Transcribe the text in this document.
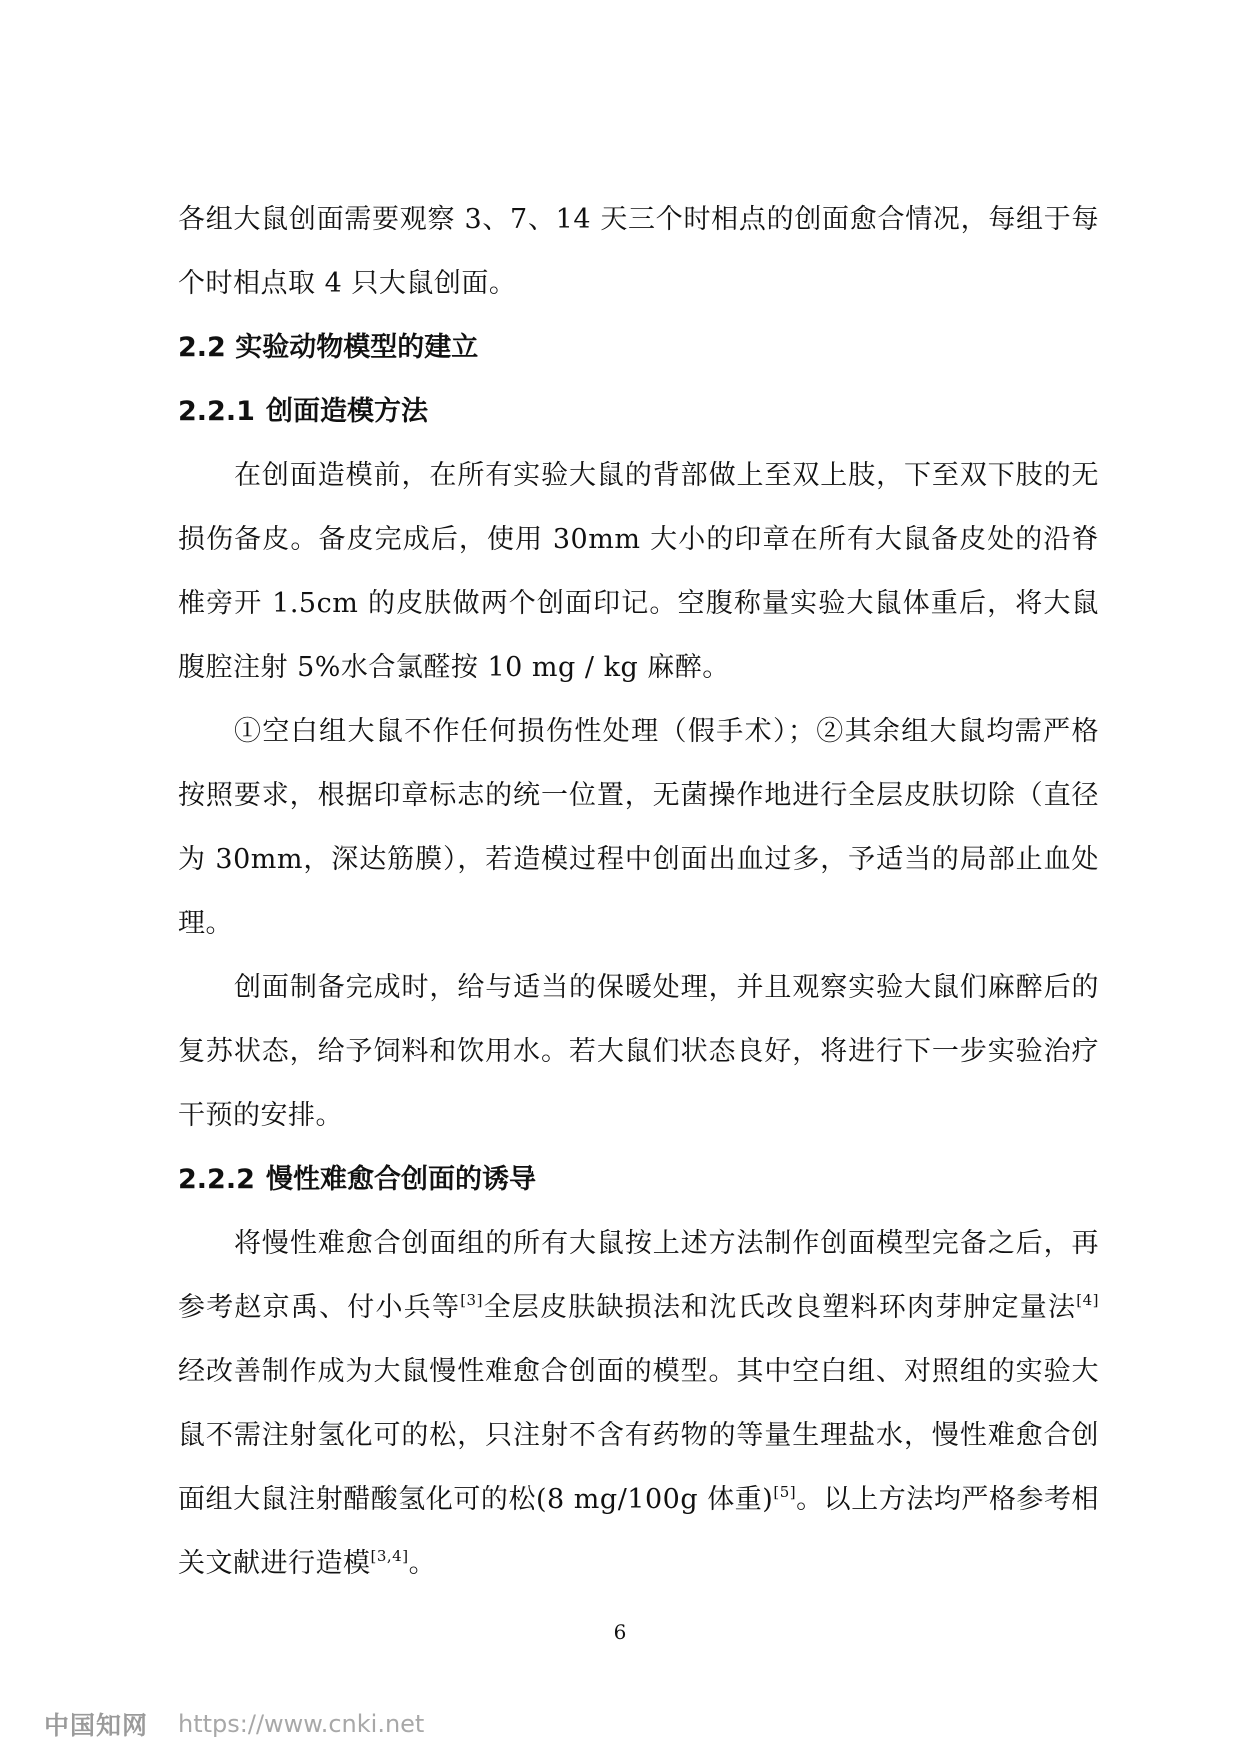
各组大鼠创面需要观察 3、7、14 天三个时相点的创面愈合情况，每组于每个时相点取 4 只大鼠创面。

2.2 实验动物模型的建立

2.2.1 创面造模方法

在创面造模前，在所有实验大鼠的背部做上至双上肢，下至双下肢的无损伤备皮。备皮完成后，使用 30mm 大小的印章在所有大鼠备皮处的沿脊椎旁开 1.5cm 的皮肤做两个创面印记。空腹称量实验大鼠体重后，将大鼠腹腔注射 5%水合氯醛按 10 mg / kg 麻醉。

①空白组大鼠不作任何损伤性处理（假手术）；②其余组大鼠均需严格按照要求，根据印章标志的统一位置，无菌操作地进行全层皮肤切除（直径为 30mm，深达筋膜），若造模过程中创面出血过多，予适当的局部止血处理。

创面制备完成时，给与适当的保暖处理，并且观察实验大鼠们麻醉后的复苏状态，给予饲料和饮用水。若大鼠们状态良好，将进行下一步实验治疗干预的安排。

2.2.2 慢性难愈合创面的诱导

将慢性难愈合创面组的所有大鼠按上述方法制作创面模型完备之后，再参考赵京禹、付小兵等[3]全层皮肤缺损法和沈氏改良塑料环肉芽肿定量法[4]经改善制作成为大鼠慢性难愈合创面的模型。其中空白组、对照组的实验大鼠不需注射氢化可的松，只注射不含有药物的等量生理盐水，慢性难愈合创面组大鼠注射醋酸氢化可的松(8 mg/100g 体重)[5]。以上方法均严格参考相关文献进行造模[3,4]。

6
中国知网 https://www.cnki.net
